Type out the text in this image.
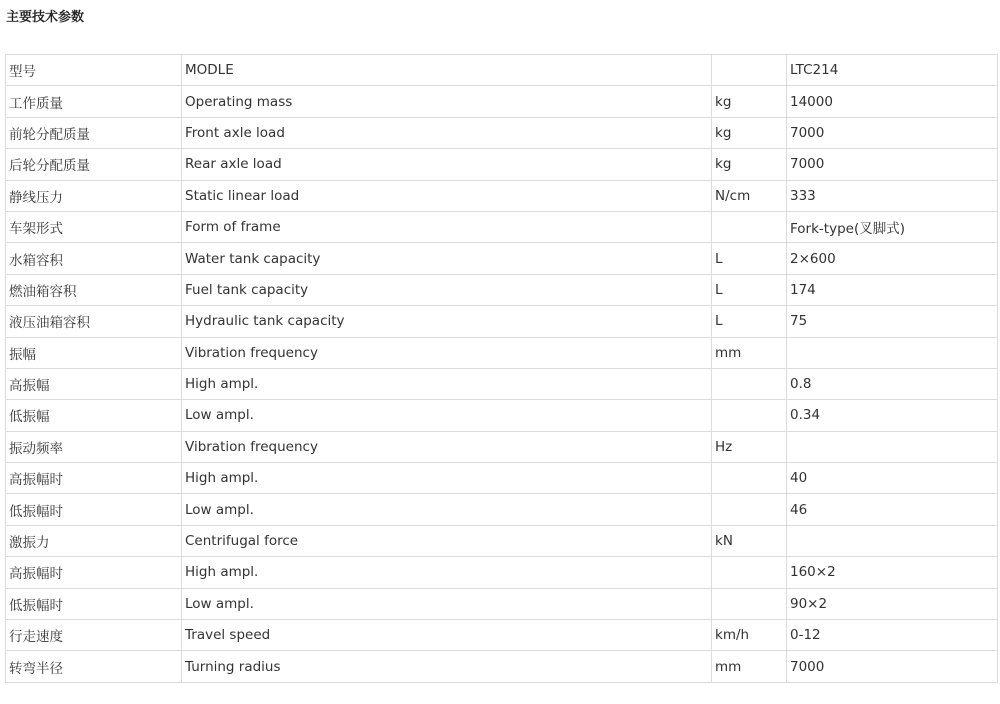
主要技术参数
型号	MODLE		LTC214
工作质量	Operating mass	kg	14000
前轮分配质量	Front axle load	kg	7000
后轮分配质量	Rear axle load	kg	7000
静线压力	Static linear load	N/cm	333
车架形式	Form of frame		Fork-type(叉脚式)
水箱容积	Water tank capacity	L	2×600
燃油箱容积	Fuel tank capacity	L	174
液压油箱容积	Hydraulic tank capacity	L	75
振幅	Vibration frequency	mm	
高振幅	High ampl.		0.8
低振幅	Low ampl.		0.34
振动频率	Vibration frequency	Hz	
高振幅时	High ampl.		40
低振幅时	Low ampl.		46
激振力	Centrifugal force	kN	
高振幅时	High ampl.		160×2
低振幅时	Low ampl.		90×2
行走速度	Travel speed	km/h	0-12
转弯半径	Turning radius	mm	7000
